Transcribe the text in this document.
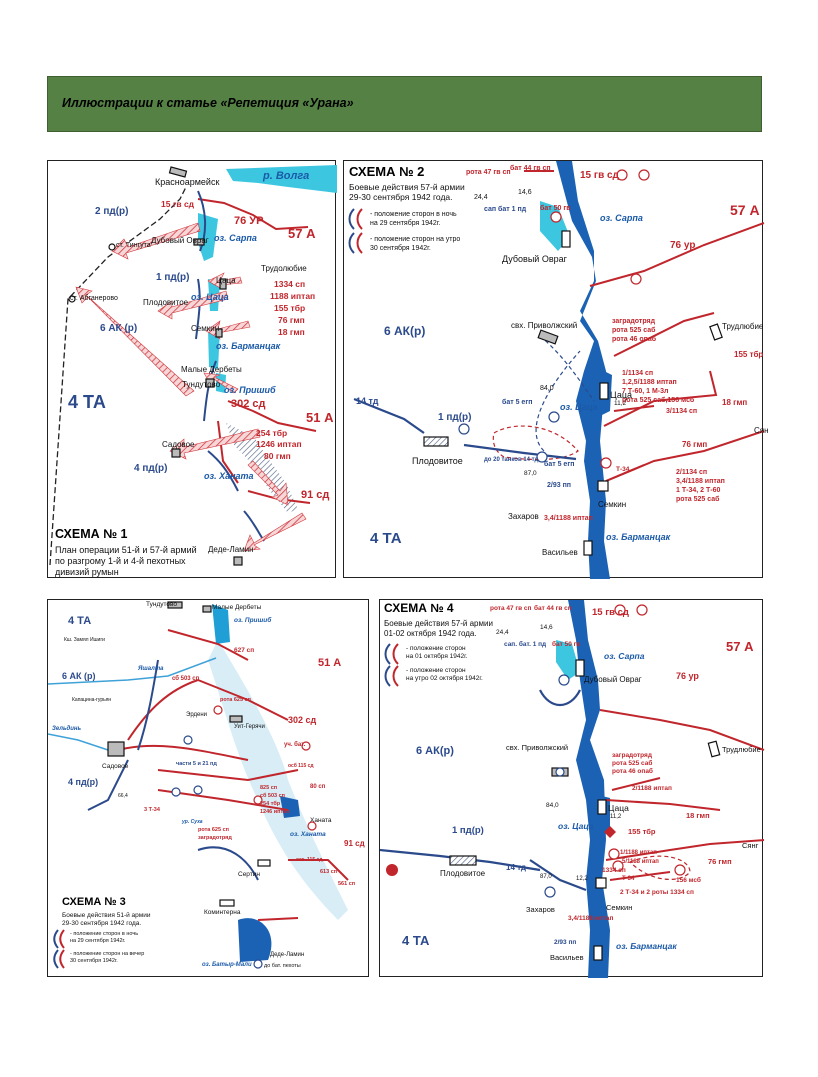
Иллюстрации к статье «Репетиция «Урана»
р. Волга
Красноармейск
2 пд(р)
15 гв сд
76 УР
ст. Тингута
Дубовый Овраг оз. Сарпа 57 А
Трудолюбие
1 пд(р)	Цаца	1334 сп
оз. Цаца	1188 иптап
Плодовитое
ст. Абганерово
155 тбр
6 АК (р)
76 гмп
Семкин	18 гмп
оз. Барманцак
Малые Дербеты
Тундутово
оз. Пришиб
4 ТА	302 сд
51 А
254 тбр
1246 иптап
Садовое
80 гмп
оз. Ханата
4 пд(р)
91 сд
СХЕМА № 1
План операции 51-й и 57-й армий
по разгрому 1-й и 4-й пехотных
дивизий румын
Деде-Ламин
СХЕМА № 2
Боевые действия 57-й армии
29-30 сентября 1942 года.
- положение сторон в ночь
на 29 сентября 1942г.
- положение сторон на утро
30 сентября 1942г.
рота 47 гв сп
бат 44 гв сп
15 гв сд
24,4
14,6
сап бат 1 пд бат 50 гв	57 А
оз. Сарпа
Дубовый Овраг
76 ур
6 АК(р)	свх. Приволжский	Трудлюбие
заградотряд
рота 525 саб
рота 46 опаб
155 тбр
1/1134 сп
1,2,5/1188 иптап
7 Т-60, 1 М-3л
рота 525 саб,156 мсб
84,0
14 тд	бат 5 егп	оз. Цаца
Цаца
11,2
3/1134 сп
18 гмп
1 пд(р)
Плодовитое	до 20 танков 14 тд
бат 5 егп
87,0
2/93 пп
Т-34
76 гмп
2/1134 сп
3,4/1188 иптап
1 Т-34, 2 Т-60
рота 525 саб
Сян
Семкин
Захаров 3,4/1188 иптап
4 ТА
Васильев
оз. Барманцак
4 ТА
Тундутово	Малые Дербеты
оз. Пришиб
Кш. Замял Ишиги
Яшалта
627 сп
51 А
6 АК (р)	сб 503 сп
Капацина-гурьян	рота 625 сп
Эрдени	302 сд
Уит-Герячи
Зельдинь
уч. бат.
Садовое	части 5 и 21 пд	осб 115 сд
80 сп
4 пд(р)
825 сп
сб 503 сп
254 тбр
1246 иптап
66,4
3 Т-34
Ханата
оз. Ханата
ур. Суха
рота 625 сп
заградотряд
91 сд
оск. 115 сд
Сертин	613 сп
561 сп
СХЕМА № 3
Коминтерна
Боевые действия 51-й армии
29-30 сентября 1942 года.
- положение сторон в ночь
на 29 сентября 1942г.
- положение сторон на вечер
30 сентября 1942г.
Деде-Ламин
оз. Батыр-Мали до бат. пехоты
СХЕМА № 4
Боевые действия 57-й армии
01-02 октября 1942 года.
- положение сторон
на 01 октября 1942г.
- положение сторон
на утро 02 октября 1942г.
рота 47 гв сп бат 44 гв сп 15 гв сд
24,4
14,6
сап. бат. 1 пд бат 50 гв
оз. Сарпа
57 А
Дубовый Овраг	76 ур
6 АК(р)	свх. Приволжский	Трудлюбие
заградотряд
рота 525 саб
рота 46 опаб
2/1188 иптап
84,0	Цаца
11,2
оз. Цаца
18 гмп
155 тбр
1 пд(р)
Сянг
1/1188 иптап
5/1188 иптап	76 гмп
Плодовитое
14 тд
87,0	12,2
1334 сп
Т-34	156 мсб
2 Т-34 и 2 роты 1334 сп
Захаров	Семкин
3,4/1188 иптап
4 ТА	2/93 пп	оз. Барманцак
Васильев
